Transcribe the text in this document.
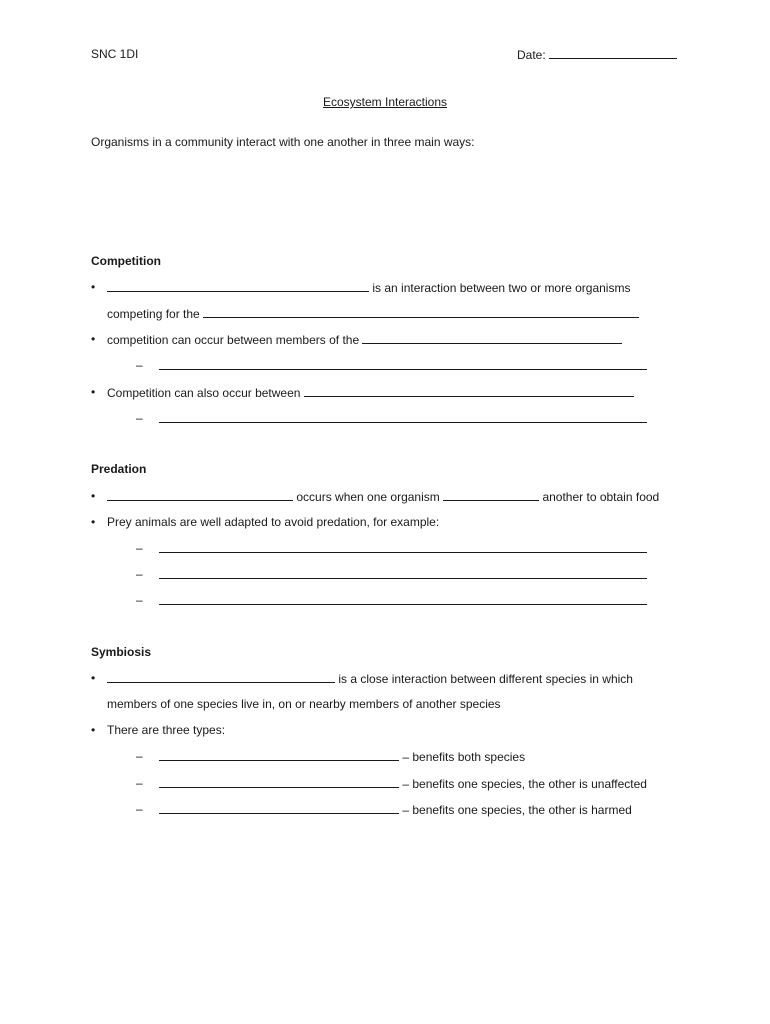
SNC 1DI	Date:
Ecosystem Interactions
Organisms in a community interact with one another in three main ways:
Competition
•	is an interaction between two or more organisms
competing for the
• competition can occur between members of the
–
• Competition can also occur between
–
Predation
•	occurs when one organism	another to obtain food
• Prey animals are well adapted to avoid predation, for example:
–
–
–
Symbiosis
•	is a close interaction between different species in which
members of one species live in, on or nearby members of another species
• There are three types:
–	– benefits both species
–	– benefits one species, the other is unaffected
–	– benefits one species, the other is harmed
